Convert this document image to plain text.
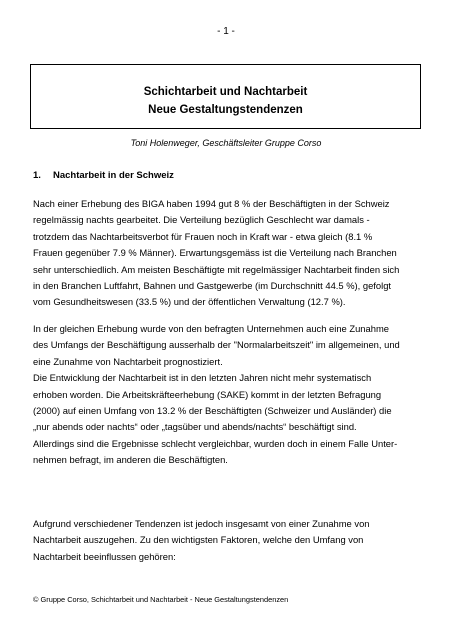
- 1 -
Schichtarbeit und Nachtarbeit
Neue Gestaltungstendenzen
Toni Holenweger, Geschäftsleiter Gruppe Corso
1. Nachtarbeit in der Schweiz
Nach einer Erhebung des BIGA haben 1994 gut 8 % der Beschäftigten in der Schweiz
regelmässig nachts gearbeitet. Die Verteilung bezüglich Geschlecht war damals -
trotzdem das Nachtarbeitsverbot für Frauen noch in Kraft war - etwa gleich (8.1 %
Frauen gegenüber 7.9 % Männer). Erwartungsgemäss ist die Verteilung nach Branchen
sehr unterschiedlich. Am meisten Beschäftigte mit regelmässiger Nachtarbeit finden sich
in den Branchen Luftfahrt, Bahnen und Gastgewerbe (im Durchschnitt 44.5 %), gefolgt
vom Gesundheitswesen (33.5 %) und der öffentlichen Verwaltung (12.7 %).
In der gleichen Erhebung wurde von den befragten Unternehmen auch eine Zunahme
des Umfangs der Beschäftigung ausserhalb der "Normalarbeitszeit" im allgemeinen, und
eine Zunahme von Nachtarbeit prognostiziert.
Die Entwicklung der Nachtarbeit ist in den letzten Jahren nicht mehr systematisch
erhoben worden. Die Arbeitskräfteerhebung (SAKE) kommt in der letzten Befragung
(2000) auf einen Umfang von 13.2 % der Beschäftigten (Schweizer und Ausländer) die
„nur abends oder nachts“ oder „tagsüber und abends/nachts“ beschäftigt sind.
Allerdings sind die Ergebnisse schlecht vergleichbar, wurden doch in einem Falle Unter-
nehmen befragt, im anderen die Beschäftigten.
Aufgrund verschiedener Tendenzen ist jedoch insgesamt von einer Zunahme von
Nachtarbeit auszugehen. Zu den wichtigsten Faktoren, welche den Umfang von
Nachtarbeit beeinflussen gehören:
© Gruppe Corso, Schichtarbeit und Nachtarbeit - Neue Gestaltungstendenzen
